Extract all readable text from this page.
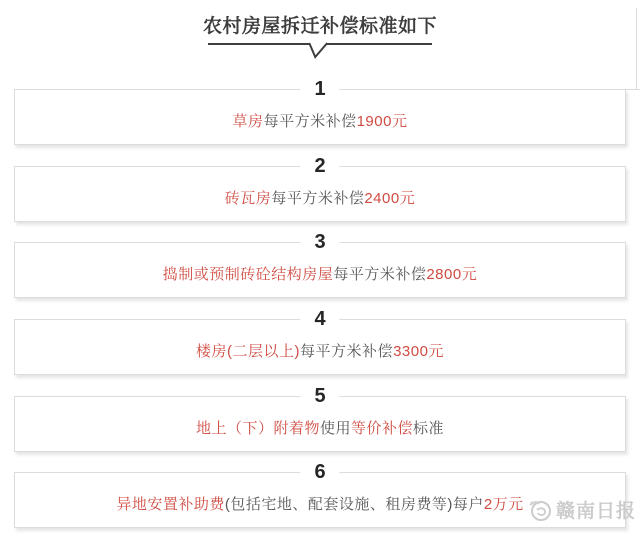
农村房屋拆迁补偿标准如下
1
草房每平方米补偿1900元
2
砖瓦房每平方米补偿2400元
3
捣制或预制砖砼结构房屋每平方米补偿2800元
4
楼房(二层以上)每平方米补偿3300元
5
地上（下）附着物使用等价补偿标准
6
异地安置补助费(包括宅地、配套设施、租房费等)每户2万元 赣南日报
